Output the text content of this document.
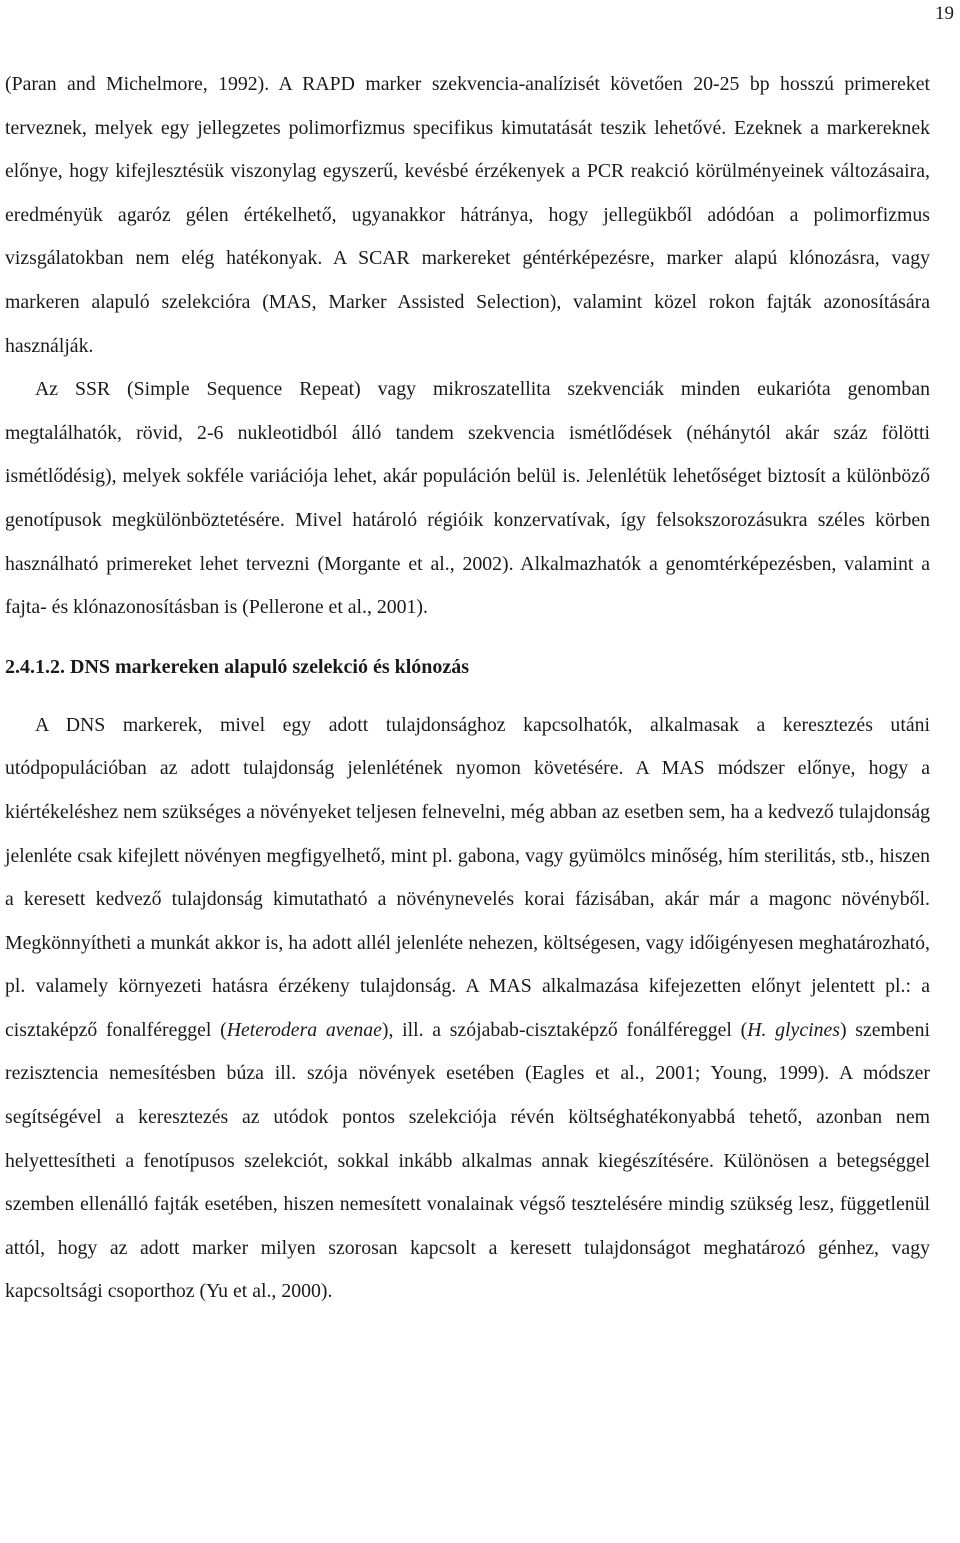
19

(Paran and Michelmore, 1992). A RAPD marker szekvencia-analízisét követően 20-25 bp hosszú primereket terveznek, melyek egy jellegzetes polimorfizmus specifikus kimutatását teszik lehetővé. Ezeknek a markereknek előnye, hogy kifejlesztésük viszonylag egyszerű, kevésbé érzékenyek a PCR reakció körülményeinek változásaira, eredményük agaróz gélen értékelhető, ugyanakkor hátránya, hogy jellegükből adódóan a polimorfizmus vizsgálatokban nem elég hatékonyak. A SCAR markereket géntérképezésre, marker alapú klónozásra, vagy markeren alapuló szelekcióra (MAS, Marker Assisted Selection), valamint közel rokon fajták azonosítására használják.

Az SSR (Simple Sequence Repeat) vagy mikroszatellita szekvenciák minden eukarióta genomban megtalálhatók, rövid, 2-6 nukleotidból álló tandem szekvencia ismétlődések (néhánytól akár száz fölötti ismétlődésig), melyek sokféle variációja lehet, akár populáción belül is. Jelenlétük lehetőséget biztosít a különböző genotípusok megkülönböztetésére. Mivel határoló régióik konzervatívak, így felsokszorozásukra széles körben használható primereket lehet tervezni (Morgante et al., 2002). Alkalmazhatók a genomtérképezésben, valamint a fajta- és klónazonosításban is (Pellerone et al., 2001).

2.4.1.2. DNS markereken alapuló szelekció és klónozás

A DNS markerek, mivel egy adott tulajdonsághoz kapcsolhatók, alkalmasak a keresztezés utáni utódpopulációban az adott tulajdonság jelenlétének nyomon követésére. A MAS módszer előnye, hogy a kiértékeléshez nem szükséges a növényeket teljesen felnevelni, még abban az esetben sem, ha a kedvező tulajdonság jelenléte csak kifejlett növényen megfigyelhető, mint pl. gabona, vagy gyümölcs minőség, hím sterilitás, stb., hiszen a keresett kedvező tulajdonság kimutatható a növénynevelés korai fázisában, akár már a magonc növényből. Megkönnyítheti a munkát akkor is, ha adott allél jelenléte nehezen, költségesen, vagy időigényesen meghatározható, pl. valamely környezeti hatásra érzékeny tulajdonság. A MAS alkalmazása kifejezetten előnyt jelentett pl.: a cisztaképző fonalféreggel (Heterodera avenae), ill. a szójabab-cisztaképző fonálféreggel (H. glycines) szembeni rezisztencia nemesítésben búza ill. szója növények esetében (Eagles et al., 2001; Young, 1999). A módszer segítségével a keresztezés az utódok pontos szelekciója révén költséghatékonyabbá tehető, azonban nem helyettesítheti a fenotípusos szelekciót, sokkal inkább alkalmas annak kiegészítésére. Különösen a betegséggel szemben ellenálló fajták esetében, hiszen nemesített vonalainak végső tesztelésére mindig szükség lesz, függetlenül attól, hogy az adott marker milyen szorosan kapcsolt a keresett tulajdonságot meghatározó génhez, vagy kapcsoltsági csoporthoz (Yu et al., 2000).
